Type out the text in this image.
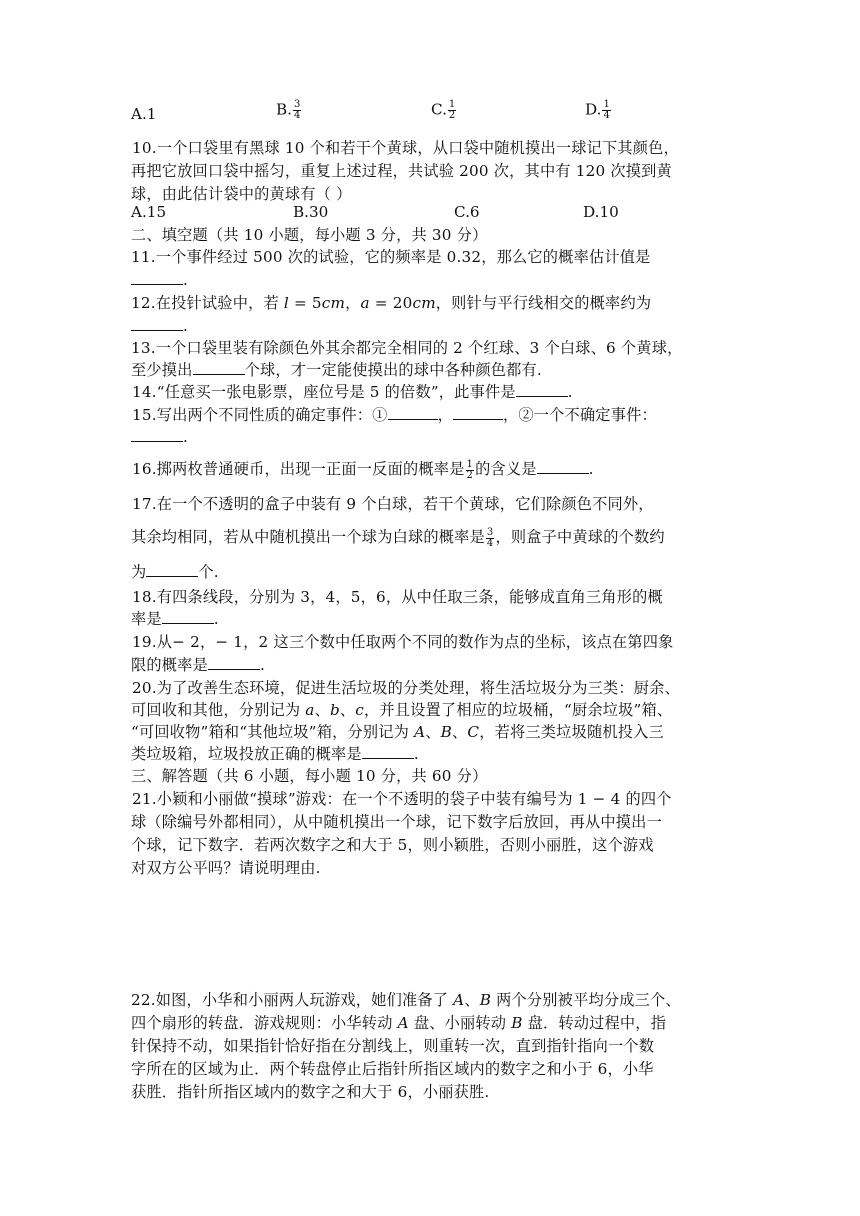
A.1	B. $\frac{3}{4}$	C. $\frac{1}{2}$	D. $\frac{1}{4}$
10.一个口袋里有黑球 10 个和若干个黄球，从口袋中随机摸出一球记下其颜色，
再把它放回口袋中摇匀，重复上述过程，共试验 200 次，其中有 120 次摸到黄
球，由此估计袋中的黄球有（ ）
A.15	B.30	C.6	D.10
二、填空题（共 10 小题，每小题 3 分，共 30 分）
11.一个事件经过 500 次的试验，它的频率是 0.32，那么它的概率估计值是
.
12.在投针试验中，若 l = 5cm，a = 20cm，则针与平行线相交的概率约为
.
13.一个口袋里装有除颜色外其余都完全相同的 2 个红球、3 个白球、6 个黄球，
至少摸出	个球，才一定能使摸出的球中各种颜色都有.
14.“任意买一张电影票，座位号是 5 的倍数”，此事件是	.
15.写出两个不同性质的确定事件：①	，	，②一个不确定事件：
.
16.掷两枚普通硬币，出现一正面一反面的概率是 $\frac{1}{2}$ 的含义是	.
17.在一个不透明的盒子中装有 9 个白球，若干个黄球，它们除颜色不同外，
其余均相同，若从中随机摸出一个球为白球的概率是 $\frac{3}{4}$ ，则盒子中黄球的个数约
为	个.
18.有四条线段，分别为 3，4，5，6，从中任取三条，能够成直角三角形的概
率是	.
19.从− 2，− 1，2 这三个数中任取两个不同的数作为点的坐标，该点在第四象
限的概率是	.
20.为了改善生态环境，促进生活垃圾的分类处理，将生活垃圾分为三类：厨余、
可回收和其他，分别记为 a、b、c，并且设置了相应的垃圾桶，“厨余垃圾”箱、
“可回收物”箱和“其他垃圾”箱，分别记为 A、B、C，若将三类垃圾随机投入三
类垃圾箱，垃圾投放正确的概率是	.
三、解答题（共 6 小题，每小题 10 分，共 60 分）
21.小颖和小丽做“摸球”游戏：在一个不透明的袋子中装有编号为 1 − 4 的四个
球（除编号外都相同），从中随机摸出一个球，记下数字后放回，再从中摸出一
个球，记下数字．若两次数字之和大于 5，则小颖胜，否则小丽胜，这个游戏
对双方公平吗？请说明理由.
22.如图，小华和小丽两人玩游戏，她们准备了 A、B 两个分别被平均分成三个、
四个扇形的转盘．游戏规则：小华转动 A 盘、小丽转动 B 盘．转动过程中，指
针保持不动，如果指针恰好指在分割线上，则重转一次，直到指针指向一个数
字所在的区域为止．两个转盘停止后指针所指区域内的数字之和小于 6，小华
获胜．指针所指区域内的数字之和大于 6，小丽获胜.
